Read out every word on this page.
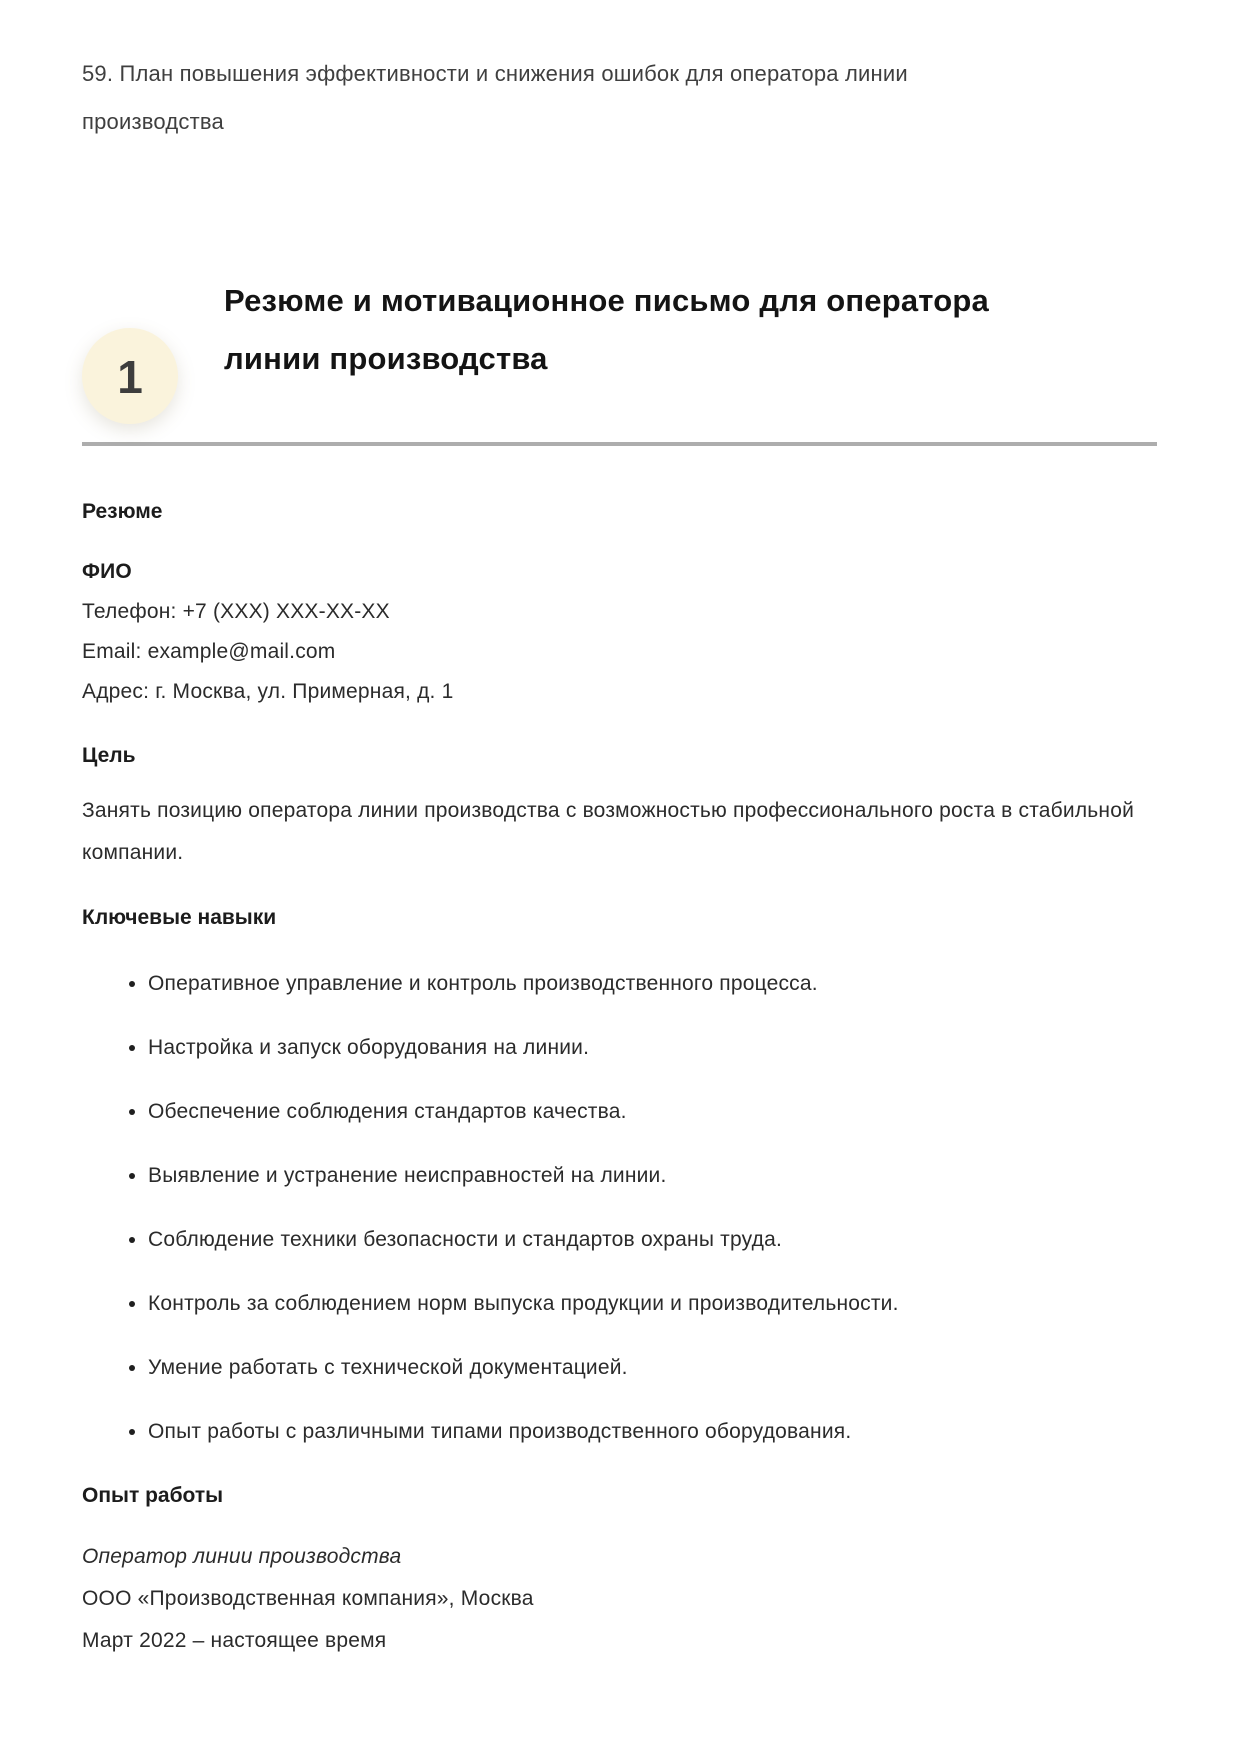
59. План повышения эффективности и снижения ошибок для оператора линии производства

1
Резюме и мотивационное письмо для оператора линии производства
Резюме
ФИО
Телефон: +7 (XXX) XXX-XX-XX
Email: example@mail.com
Адрес: г. Москва, ул. Примерная, д. 1
Цель

Занять позицию оператора линии производства с возможностью профессионального роста в стабильной компании.

Ключевые навыки
• Оперативное управление и контроль производственного процесса.
• Настройка и запуск оборудования на линии.
• Обеспечение соблюдения стандартов качества.
• Выявление и устранение неисправностей на линии.
• Соблюдение техники безопасности и стандартов охраны труда.
• Контроль за соблюдением норм выпуска продукции и производительности.
• Умение работать с технической документацией.
• Опыт работы с различными типами производственного оборудования.
Опыт работы
Оператор линии производства
ООО «Производственная компания», Москва
Март 2022 – настоящее время
